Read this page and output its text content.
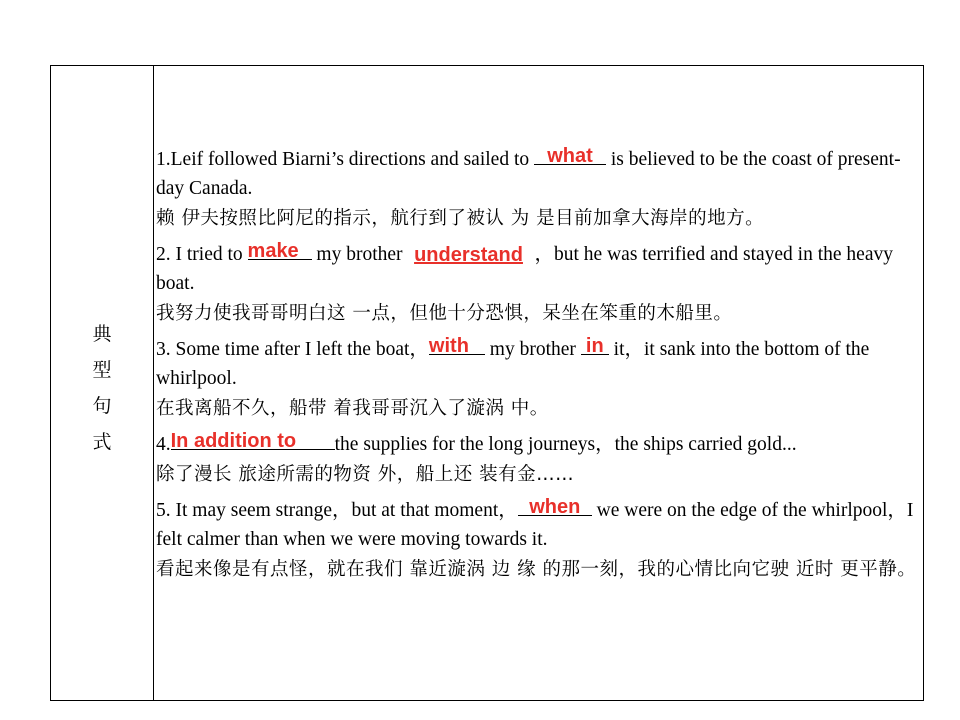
典
型
句
式

1.Leif followed Biarni’s directions and sailed to what is believed to be the coast of present-day Canada.

赖 伊夫按照比阿尼的指示，航行到了被认 为 是目前加拿大海岸的地方。

2. I tried to make my brother understand ，but he was terrified and stayed in the heavy boat.

我努力使我哥哥明白这 一点，但他十分恐惧，呆坐在笨重的木船里。

3. Some time after I left the boat， with my brother in it，it sank into the bottom of the whirlpool.

在我离船不久，船带 着我哥哥沉入了漩涡 中。

4. In addition to	the supplies for the long journeys，the ships carried gold...

除了漫长 旅途所需的物资 外，船上还 装有金……

5. It may seem strange，but at that moment， when we were on the edge of the whirlpool，I felt calmer than when we were moving towards it.

看起来像是有点怪，就在我们 靠近漩涡 边 缘 的那一刻，我的心情比向它驶 近时 更平静。
